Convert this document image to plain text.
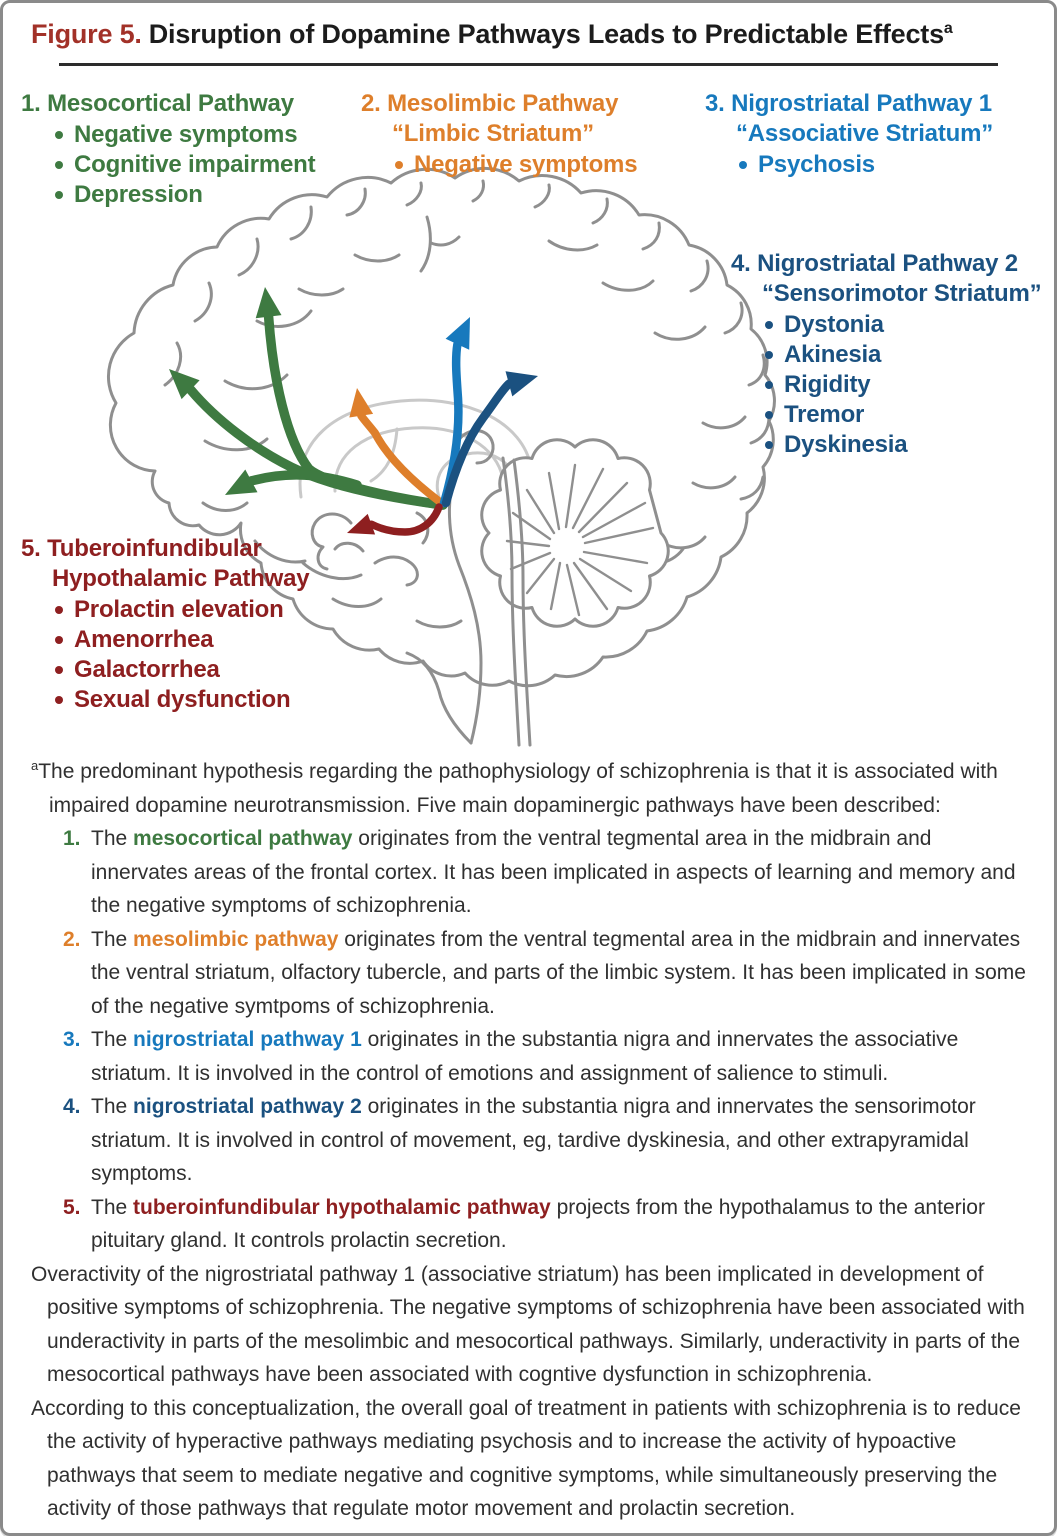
Figure 5. Disruption of Dopamine Pathways Leads to Predictable Effects$^a$
1. Mesocortical Pathway
Negative symptoms
Cognitive impairment
Depression
2. Mesolimbic Pathway
“Limbic Striatum”
Negative symptoms
3. Nigrostriatal Pathway 1
“Associative Striatum”
Psychosis
4. Nigrostriatal Pathway 2
“Sensorimotor Striatum”
Dystonia
Akinesia
Rigidity
Tremor
Dyskinesia
5. Tuberoinfundibular
Hypothalamic Pathway
Prolactin elevation
Amenorrhea
Galactorrhea
Sexual dysfunction

$^a$The predominant hypothesis regarding the pathophysiology of schizophrenia is that it is associated with impaired dopamine neurotransmission. Five main dopaminergic pathways have been described:

1. The mesocortical pathway originates from the ventral tegmental area in the midbrain and innervates areas of the frontal cortex. It has been implicated in aspects of learning and memory and the negative symptoms of schizophrenia.

2. The mesolimbic pathway originates from the ventral tegmental area in the midbrain and innervates the ventral striatum, olfactory tubercle, and parts of the limbic system. It has been implicated in some of the negative symtpoms of schizophrenia.

3. The nigrostriatal pathway 1 originates in the substantia nigra and innervates the associative striatum. It is involved in the control of emotions and assignment of salience to stimuli.

4. The nigrostriatal pathway 2 originates in the substantia nigra and innervates the sensorimotor striatum. It is involved in control of movement, eg, tardive dyskinesia, and other extrapyramidal symptoms.

5. The tuberoinfundibular hypothalamic pathway projects from the hypothalamus to the anterior pituitary gland. It controls prolactin secretion.

Overactivity of the nigrostriatal pathway 1 (associative striatum) has been implicated in development of positive symptoms of schizophrenia. The negative symptoms of schizophrenia have been associated with underactivity in parts of the mesolimbic and mesocortical pathways. Similarly, underactivity in parts of the mesocortical pathways have been associated with cogntive dysfunction in schizophrenia.

According to this conceptualization, the overall goal of treatment in patients with schizophrenia is to reduce the activity of hyperactive pathways mediating psychosis and to increase the activity of hypoactive pathways that seem to mediate negative and cognitive symptoms, while simultaneously preserving the activity of those pathways that regulate motor movement and prolactin secretion.
